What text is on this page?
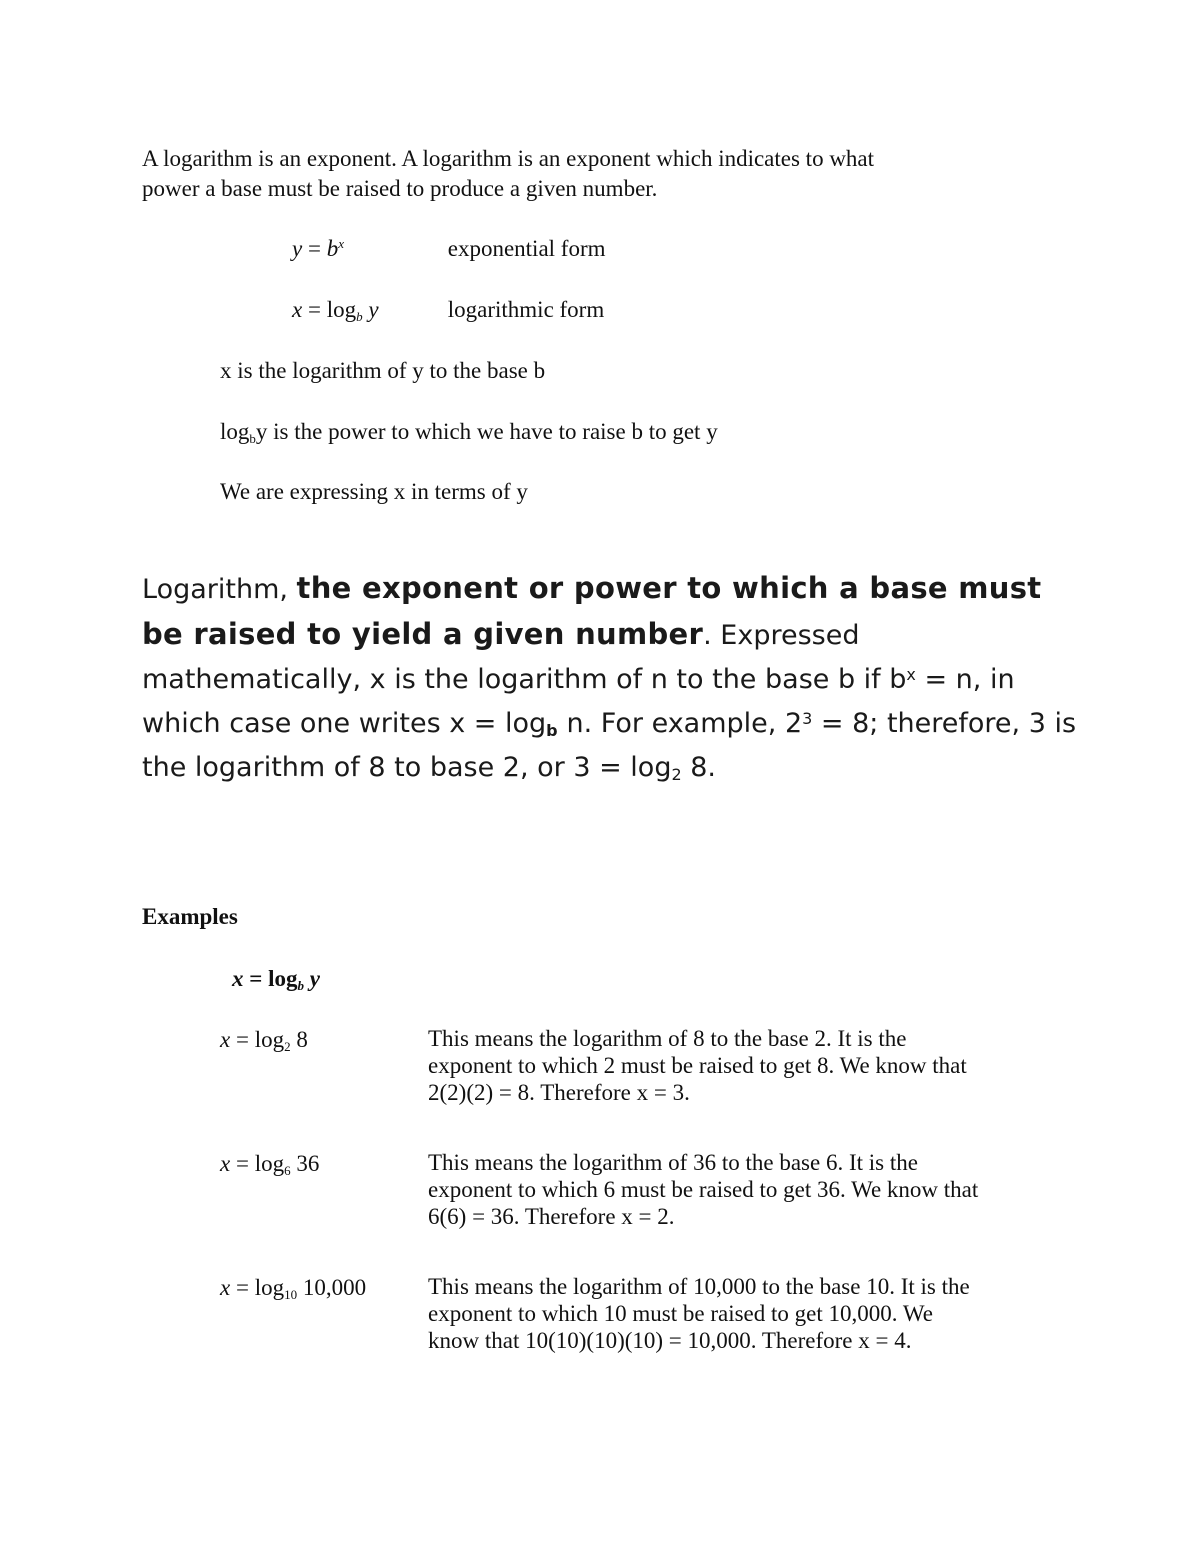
A logarithm is an exponent. A logarithm is an exponent which indicates to what
power a base must be raised to produce a given number.

$y = b^x$	exponential form
$x = \log_b y$	logarithmic form

x is the logarithm of y to the base b

$\log_by$ is the power to which we have to raise b to get y

We are expressing x in terms of y

Logarithm, the exponent or power to which a base must be raised to yield a given number. Expressed mathematically, x is the logarithm of n to the base b if $b^x = n$, in which case one writes $x = \log_b n$. For example, $2^3 = 8$; therefore, 3 is the logarithm of 8 to base 2, or $3 = \log_2 8$.

Examples

$x = \log_b y$

$x = \log_2 8$	This means the logarithm of 8 to the base 2. It is the
exponent to which 2 must be raised to get 8. We know that
2(2)(2) = 8. Therefore x = 3.
$x = \log_6 36$	This means the logarithm of 36 to the base 6. It is the
exponent to which 6 must be raised to get 36. We know that
6(6) = 36. Therefore x = 2.
$x = \log_{10} 10,000$	This means the logarithm of 10,000 to the base 10. It is the
exponent to which 10 must be raised to get 10,000. We
know that 10(10)(10)(10) = 10,000. Therefore x = 4.
